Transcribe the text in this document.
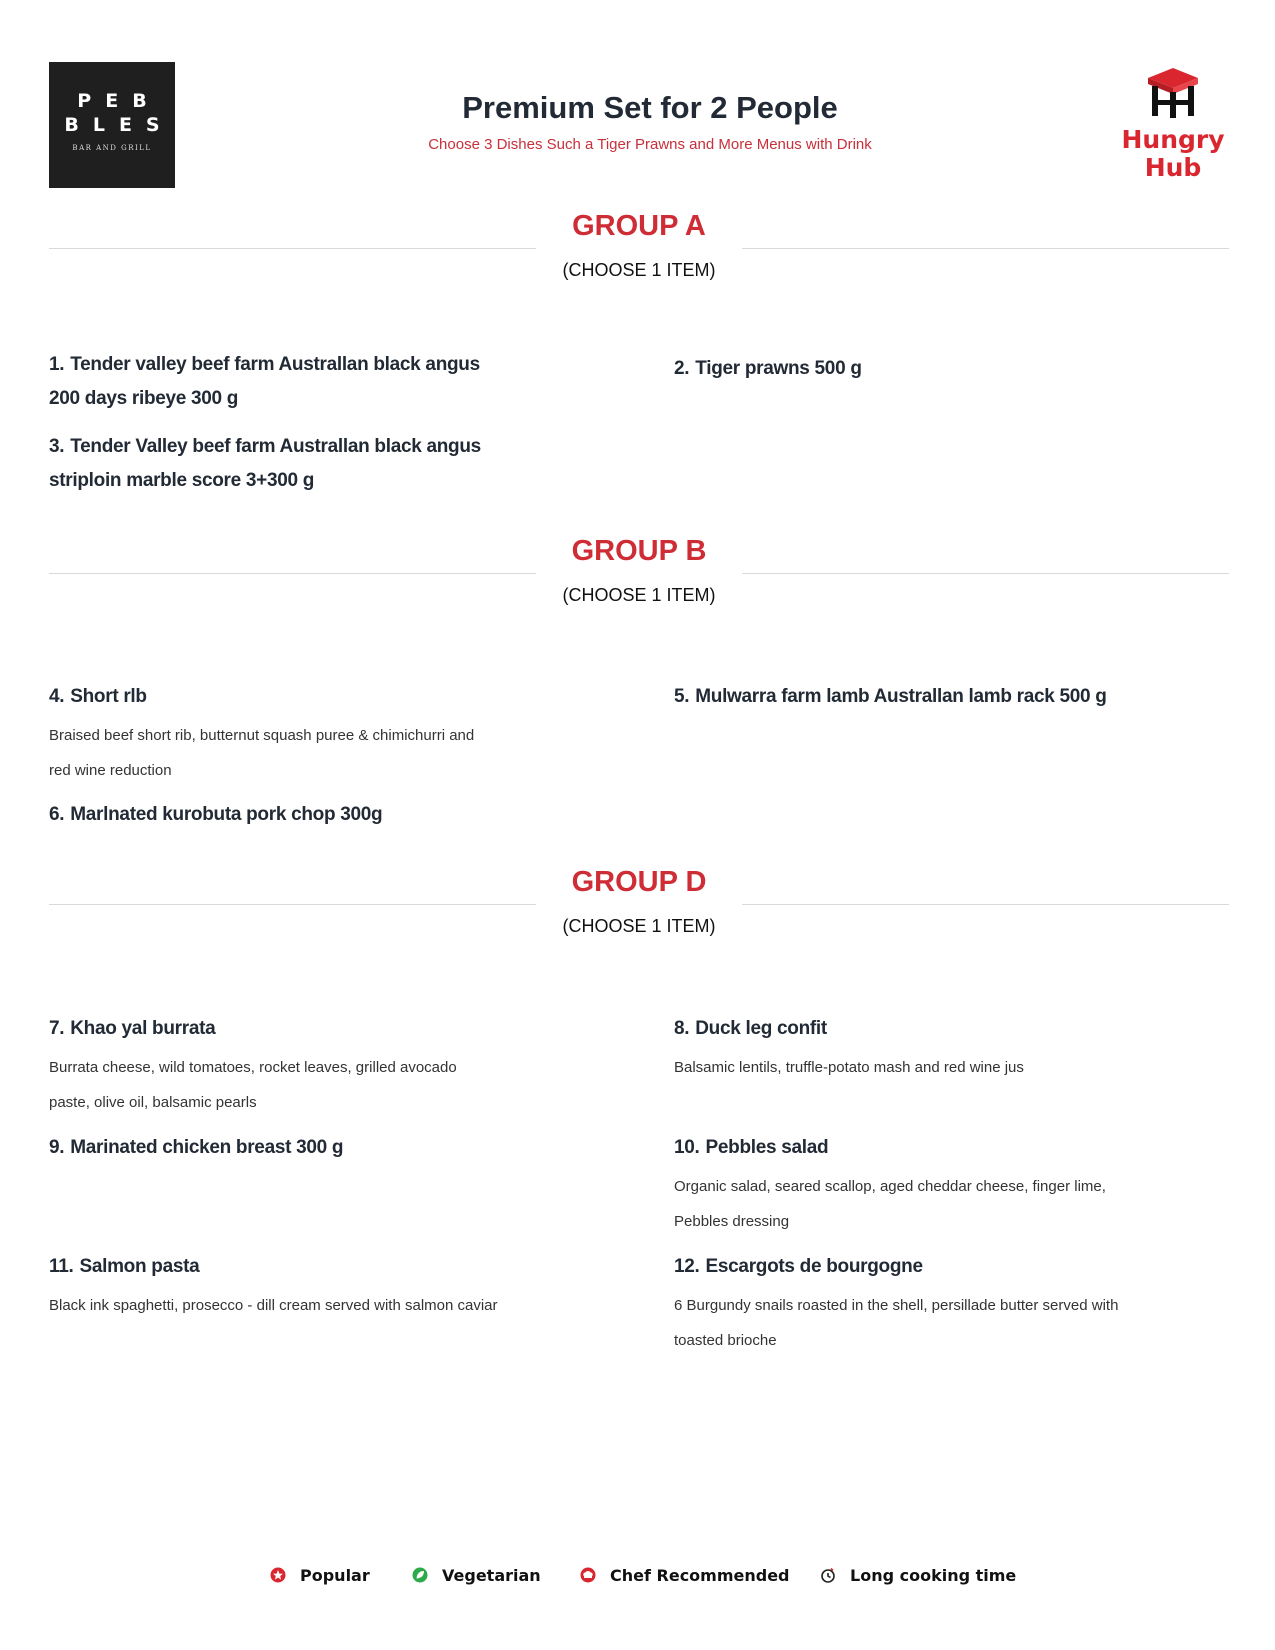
PEB
BLES
BAR AND GRILL
Premium Set for 2 People
Choose 3 Dishes Such a Tiger Prawns and More Menus with Drink	Hungry
Hub
GROUP A
(CHOOSE 1 ITEM)
1. Tender valley beef farm Australlan black angus 200 days ribeye 300 g
2. Tiger prawns 500 g
3. Tender Valley beef farm Australlan black angus striploin marble score 3+300 g
GROUP B
(CHOOSE 1 ITEM)
4. Short rlb
Braised beef short rib, butternut squash puree & chimichurri and red wine reduction
5. Mulwarra farm lamb Australlan lamb rack 500 g
6. Marlnated kurobuta pork chop 300g
GROUP D
(CHOOSE 1 ITEM)
7. Khao yal burrata
Burrata cheese, wild tomatoes, rocket leaves, grilled avocado paste, olive oil, balsamic pearls
8. Duck leg confit
Balsamic lentils, truffle-potato mash and red wine jus
9. Marinated chicken breast 300 g	10. Pebbles salad
Organic salad, seared scallop, aged cheddar cheese, finger lime, Pebbles dressing
11. Salmon pasta
Black ink spaghetti, prosecco - dill cream served with salmon caviar
12. Escargots de bourgogne
6 Burgundy snails roasted in the shell, persillade butter served with toasted brioche
Popular	Vegetarian	Chef Recommended	Long cooking time
